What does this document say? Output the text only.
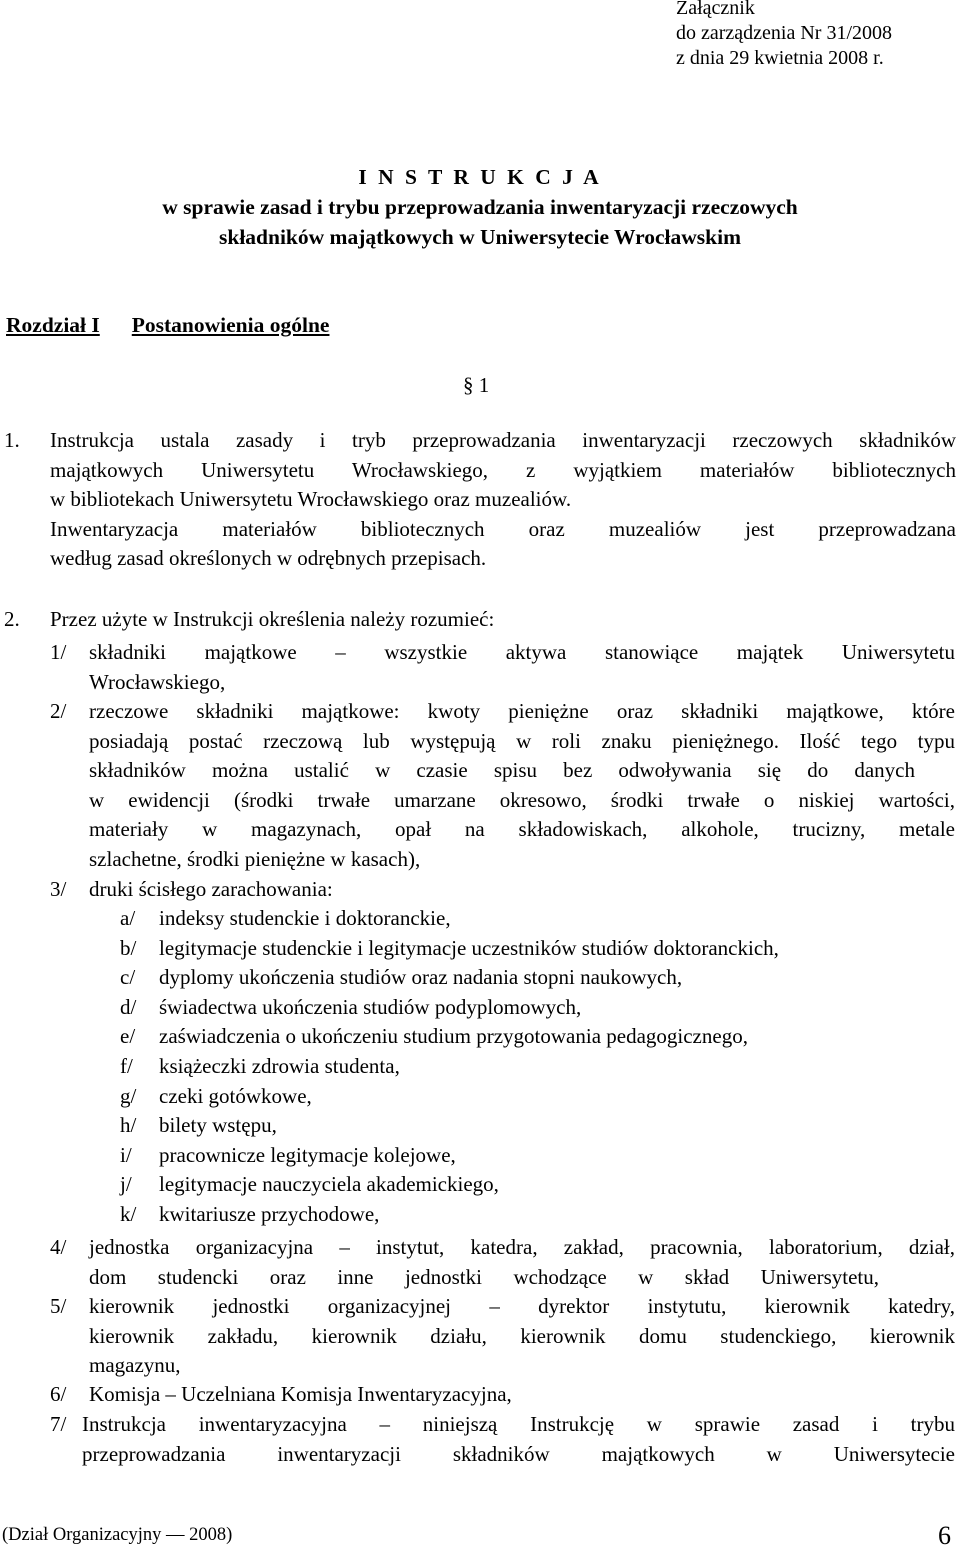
Załącznik
do zarządzenia Nr 31/2008
z dnia 29 kwietnia 2008 r.
I N S T R U K C J A
w sprawie zasad i trybu przeprowadzania inwentaryzacji rzeczowych
składników majątkowych w Uniwersytecie Wrocławskim
Rozdział I Postanowienia ogólne
§ 1
1. Instrukcja ustala zasady i tryb przeprowadzania inwentaryzacji rzeczowych składników
majątkowych Uniwersytetu Wrocławskiego, z wyjątkiem materiałów bibliotecznych
w bibliotekach Uniwersytetu Wrocławskiego oraz muzealiów.
Inwentaryzacja materiałów bibliotecznych oraz muzealiów jest przeprowadzana
według zasad określonych w odrębnych przepisach.
2. Przez użyte w Instrukcji określenia należy rozumieć:
1/ składniki majątkowe – wszystkie aktywa stanowiące majątek Uniwersytetu
Wrocławskiego,
2/ rzeczowe składniki majątkowe: kwoty pieniężne oraz składniki majątkowe, które
posiadają postać rzeczową lub występują w roli znaku pieniężnego. Ilość tego typu
składników można ustalić w czasie spisu bez odwoływania się do danych
w ewidencji (środki trwałe umarzane okresowo, środki trwałe o niskiej wartości,
materiały w magazynach, opał na składowiskach, alkohole, trucizny, metale
szlachetne, środki pieniężne w kasach),
3/ druki ścisłego zarachowania:
a/ indeksy studenckie i doktoranckie,
b/ legitymacje studenckie i legitymacje uczestników studiów doktoranckich,
c/ dyplomy ukończenia studiów oraz nadania stopni naukowych,
d/ świadectwa ukończenia studiów podyplomowych,
e/ zaświadczenia o ukończeniu studium przygotowania pedagogicznego,
f/ książeczki zdrowia studenta,
g/ czeki gotówkowe,
h/ bilety wstępu,
i/ pracownicze legitymacje kolejowe,
j/ legitymacje nauczyciela akademickiego,
k/ kwitariusze przychodowe,
4/ jednostka organizacyjna – instytut, katedra, zakład, pracownia, laboratorium, dział,
dom studencki oraz inne jednostki wchodzące w skład Uniwersytetu,
5/ kierownik jednostki organizacyjnej – dyrektor instytutu, kierownik katedry,
kierownik zakładu, kierownik działu, kierownik domu studenckiego, kierownik
magazynu,
6/ Komisja – Uczelniana Komisja Inwentaryzacyjna,
7/ Instrukcja inwentaryzacyjna – niniejszą Instrukcję w sprawie zasad i trybu
przeprowadzania inwentaryzacji składników majątkowych w Uniwersytecie
(Dział Organizacyjny — 2008)	6
